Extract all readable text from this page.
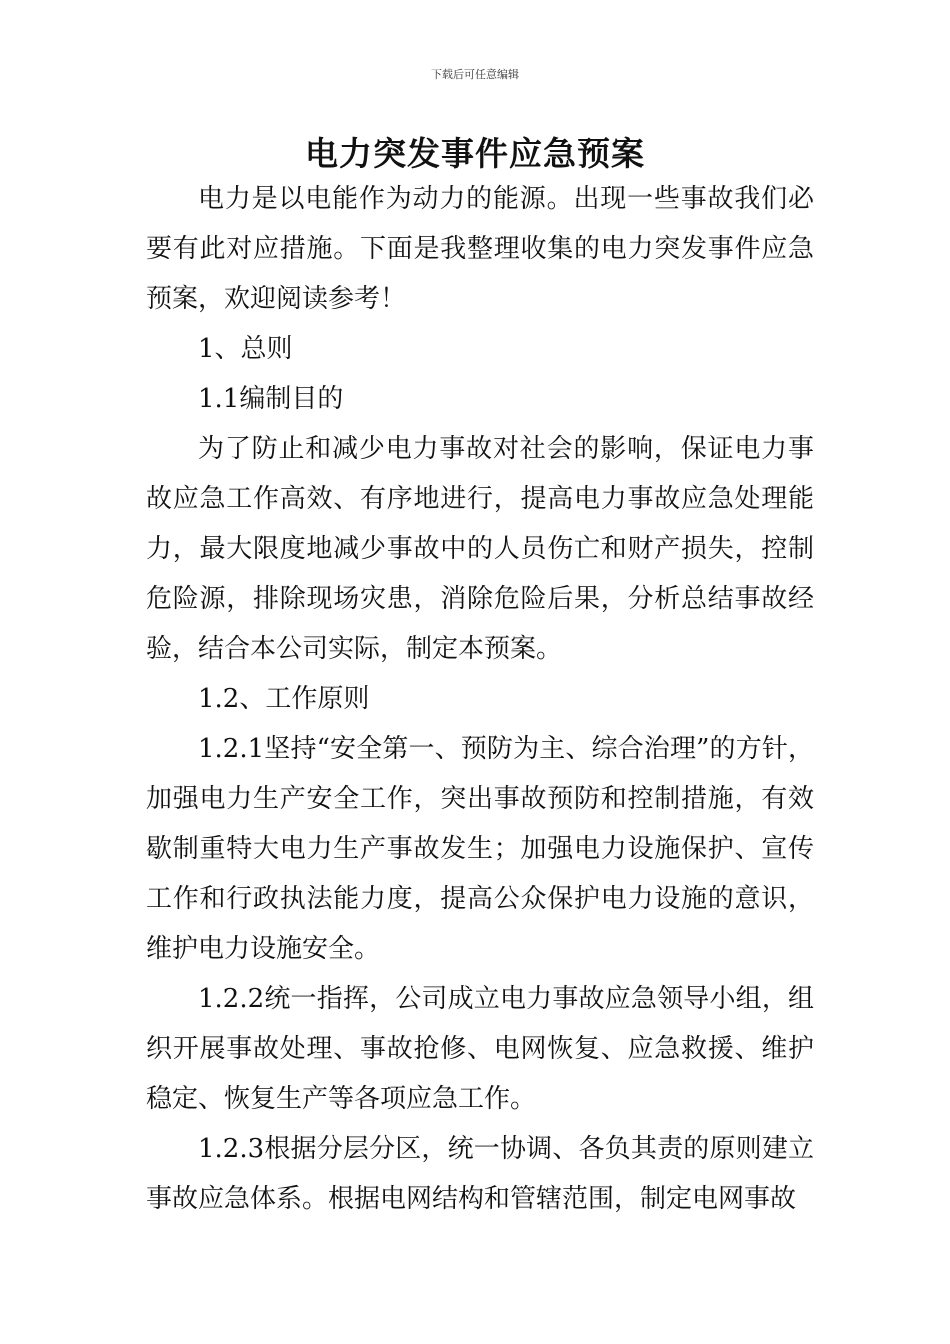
下载后可任意编辑
电力突发事件应急预案

电力是以电能作为动力的能源。出现一些事故我们必要有此对应措施。下面是我整理收集的电力突发事件应急预案，欢迎阅读参考！

1、总则

1.1编制目的

为了防止和减少电力事故对社会的影响，保证电力事故应急工作高效、有序地进行，提高电力事故应急处理能力，最大限度地减少事故中的人员伤亡和财产损失，控制危险源，排除现场灾患，消除危险后果，分析总结事故经验，结合本公司实际，制定本预案。

1.2、工作原则

1.2.1坚持“安全第一、预防为主、综合治理”的方针，加强电力生产安全工作，突出事故预防和控制措施，有效歇制重特大电力生产事故发生；加强电力设施保护、宣传工作和行政执法能力度，提高公众保护电力设施的意识，维护电力设施安全。

1.2.2统一指挥，公司成立电力事故应急领导小组，组织开展事故处理、事故抢修、电网恢复、应急救援、维护稳定、恢复生产等各项应急工作。

1.2.3根据分层分区，统一协调、各负其责的原则建立事故应急体系。根据电网结构和管辖范围，制定电网事故
